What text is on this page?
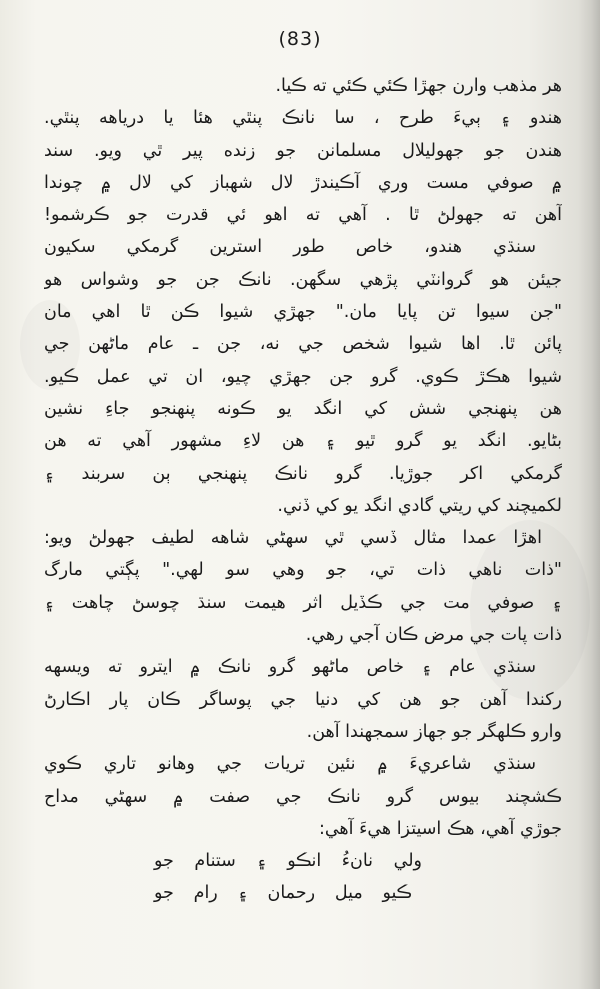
(83)
هر مذهب وارن جهڙا ڪئي ڪئي ته ڪيا.
هندو ۽ ٻيءَ طرح ، سا نانڪ پنٿي هئا يا درياهه پنٿي.
هندن جو جهوليلال مسلمانن جو زنده پير ٿي ويو. سند
۾ صوفي مست وري آڪيندڙ لال شهباز کي لال ۾ چوندا
آهن ته جهولڻ ٿا . آهي ته اهو ئي قدرت جو ڪرشمو!
سنڌي هندو، خاص طور استرين گرمکي سکيون
جيئن هو گروانٽي پڙهي سگهن. نانڪ جن جو وشواس هو
"جن سيوا تن پايا مان." جهڙي شيوا ڪن ٿا اهي مان
پائن ٿا. اها شيوا شخص جي نه، جن ـ عام ماڻهن جي
شيوا هڪڙ ڪوي. گرو جن جهڙي چيو، ان تي عمل ڪيو.
هن پنهنجي شش کي انگد يو ڪونه پنهنجو جاءِ نشين
بڻايو. انگد يو گرو ٿيو ۽ هن لاءِ مشهور آهي ته هن
گرمکي اکر جوڙيا. گرو نانڪ پنهنجي ٻن سربند ۽
لکميچند کي ريتي گادي انگد يو کي ڏني.
اهڙا عمدا مثال ڏسي ٿي سهڻي شاهه لطيف جهولڻ ويو:
"ذات ناهي ذات تي، جو وهي سو لهي." پڳتي مارگ
۽ صوفي مت جي ڪڏيل اثر هيمت سنڌ چوسڻ چاهت ۽
ذات پات جي مرض ڪان آجي رهي.
سنڌي عام ۽ خاص ماڻهو گرو نانڪ ۾ ايترو ته ويسهه
رکندا آهن جو هن کي دنيا جي پوساگر ڪان پار اڪارڻ
وارو ڪلهگر جو جهاز سمجهندا آهن.
سنڌي شاعريءَ ۾ نئين تريات جي وهانو تاري ڪوي
ڪشچند بيوس گرو نانڪ جي صفت ۾ سهڻي مداح
جوڙي آهي، هڪ اسيتزا هيءَ آهي:
ولي نانءُ انڪو ۽ ستنام جو
ڪيو ميل رحمان ۽ رام جو
